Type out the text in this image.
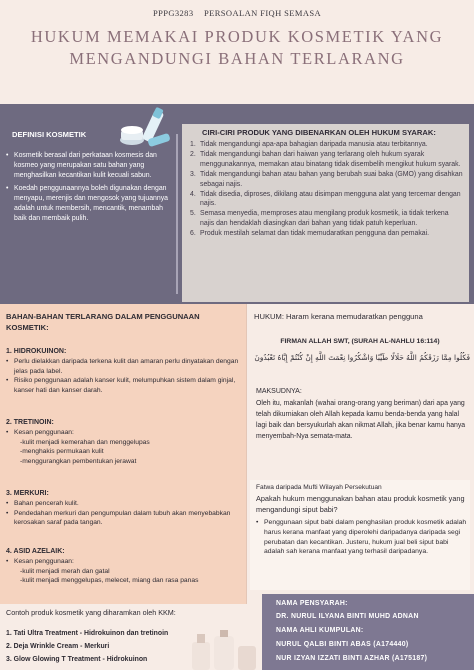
PPPG3283 PERSOALAN FIQH SEMASA
HUKUM MEMAKAI PRODUK KOSMETIK YANG
MENGANDUNGI BAHAN TERLARANG
DEFINISI KOSMETIK
• Kosmetik berasal dari perkataan kosmesis dan kosmeo yang merupakan satu bahan yang menghasilkan kecantikan kulit kecuali sabun.
• Koedah penggunaannya boleh digunakan dengan menyapu, merenjis dan mengosok yang tujuannya adalah untuk membersih, mencantik, menambah baik dan membaik pulih.
CIRI-CIRI PRODUK YANG DIBENARKAN OLEH HUKUM SYARAK:
1. Tidak mengandungi apa-apa bahagian daripada manusia atau terbitannya.
2. Tidak mengandungi bahan dari haiwan yang terlarang oleh hukum syarak menggunakannya, memakan atau binatang tidak disembelih mengikut hukum syarak.
3. Tidak mengandungi bahan atau bahan yang berubah suai baka (GMO) yang disahkan sebagai najis.
4. Tidak disedia, diproses, dikilang atau disimpan mengguna alat yang tercemar dengan najis.
5. Semasa menyedia, memproses atau mengilang produk kosmetik, ia tidak terkena najis dan hendaklah diasingkan dari bahan yang tidak patuh keperluan.
6. Produk mestilah selamat dan tidak memudaratkan pengguna dan pemakai.
BAHAN-BAHAN TERLARANG DALAM PENGGUNAAN KOSMETIK:
1. HIDROKUINON:
• Perlu dielakkan daripada terkena kulit dan amaran perlu dinyatakan dengan jelas pada label.
• Risiko penggunaan adalah kanser kulit, melumpuhkan sistem dalam ginjal, kanser hati dan kanser darah.
2. TRETINOIN:
• Kesan penggunaan:
-kulit menjadi kemerahan dan menggelupas
-menghakis permukaan kulit
-menggurangkan pembentukan jerawat
3. MERKURI:
• Bahan pencerah kulit.
• Pendedahan merkuri dan pengumpulan dalam tubuh akan menyebabkan kerosakan saraf pada tangan.
4. ASID AZELAIK:
• Kesan penggunaan:
-kulit menjadi merah dan gatal
-kulit menjadi menggelupas, melecet, miang dan rasa panas
HUKUM: Haram kerana memudaratkan pengguna
FIRMAN ALLAH SWT, (SURAH AL-NAHLU 16:114)
فَكُلُوا مِمَّا رَزَقَكُمُ اللَّهُ حَلَالًا طَيِّبًا وَاشْكُرُوا نِعْمَتَ اللَّهِ إِنْ كُنْتُمْ إِيَّاهُ تَعْبُدُونَ
MAKSUDNYA:
Oleh itu, makanlah (wahai orang-orang yang beriman) dari apa yang telah dikurniakan oleh Allah kepada kamu benda-benda yang halal lagi baik dan bersyukurlah akan nikmat Allah, jika benar kamu hanya menyembah-Nya semata-mata.
Fatwa daripada Mufti Wilayah Persekutuan
Apakah hukum menggunakan bahan atau produk kosmetik yang mengandungi siput babi?
• Penggunaan siput babi dalam penghasilan produk kosmetik adalah harus kerana manfaat yang diperolehi daripadanya daripada segi perubatan dan kecantikan. Justeru, hukum jual beli siput babi adalah sah kerana manfaat yang terhasil daripadanya.
Contoh produk kosmetik yang diharamkan oleh KKM:
1. Tati Ultra Treatment - Hidrokuinon dan tretinoin
2. Deja Wrinkle Cream - Merkuri
3. Glow Glowing T Treatment - Hidrokuinon
NAMA PENSYARAH:
DR. NURUL ILYANA BINTI MUHD ADNAN
NAMA AHLI KUMPULAN:
NURUL QALBI BINTI ABAS (A174440)
NUR IZYAN IZZATI BINTI AZHAR (A175187)
